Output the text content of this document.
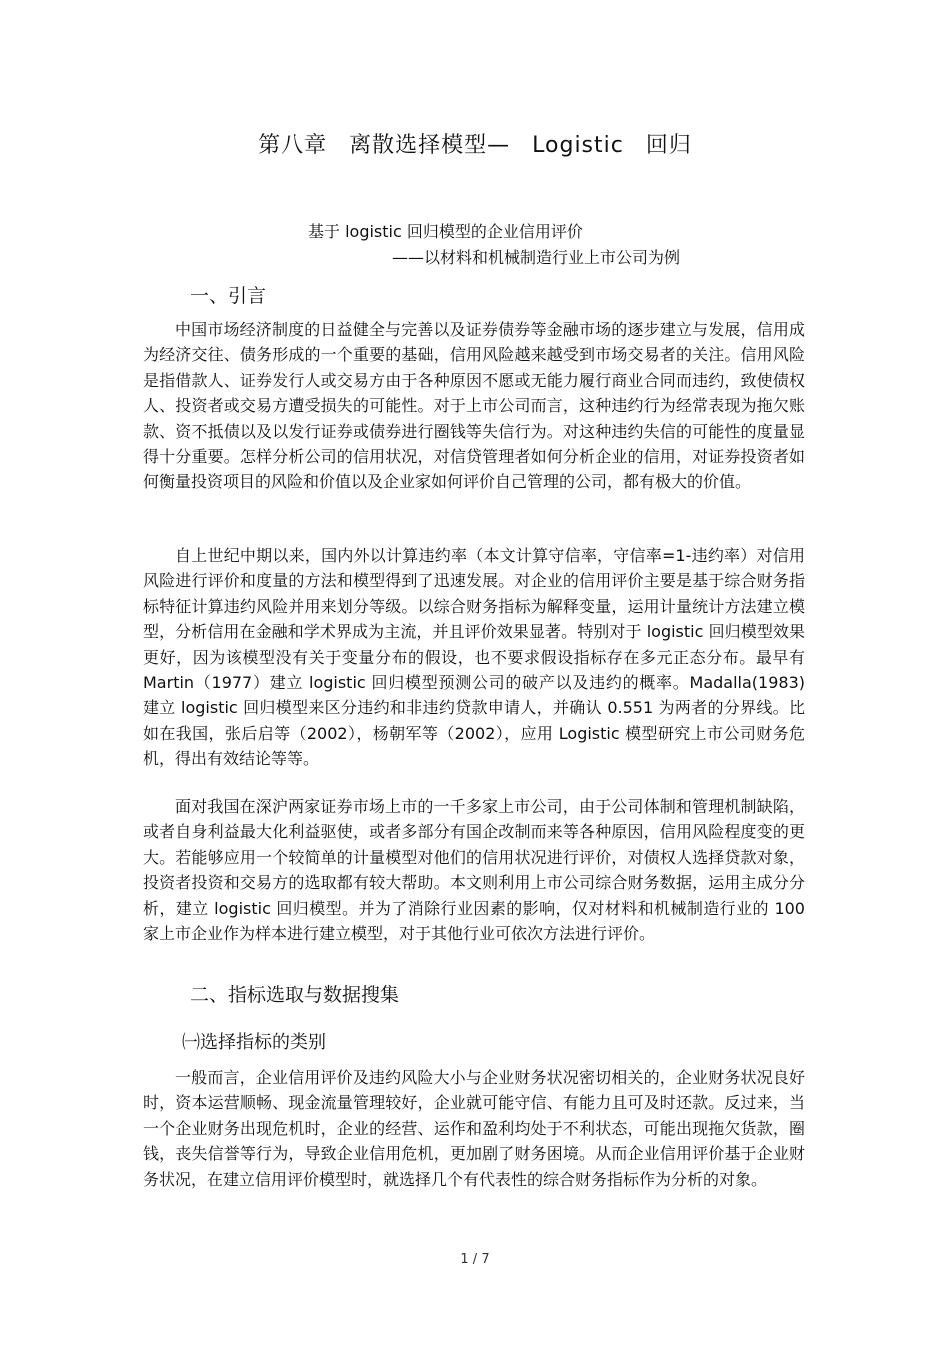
第八章 离散选择模型— Logistic 回归
基于 logistic 回归模型的企业信用评价
——以材料和机械制造行业上市公司为例
一、引言

中国市场经济制度的日益健全与完善以及证券债券等金融市场的逐步建立与发展，信用成为经济交往、债务形成的一个重要的基础，信用风险越来越受到市场交易者的关注。信用风险是指借款人、证券发行人或交易方由于各种原因不愿或无能力履行商业合同而违约，致使债权人、投资者或交易方遭受损失的可能性。对于上市公司而言，这种违约行为经常表现为拖欠账款、资不抵债以及以发行证券或债券进行圈钱等失信行为。对这种违约失信的可能性的度量显得十分重要。怎样分析公司的信用状况，对信贷管理者如何分析企业的信用，对证券投资者如何衡量投资项目的风险和价值以及企业家如何评价自己管理的公司，都有极大的价值。

自上世纪中期以来，国内外以计算违约率（本文计算守信率，守信率=1-违约率）对信用风险进行评价和度量的方法和模型得到了迅速发展。对企业的信用评价主要是基于综合财务指标特征计算违约风险并用来划分等级。以综合财务指标为解释变量，运用计量统计方法建立模型，分析信用在金融和学术界成为主流，并且评价效果显著。特别对于 logistic 回归模型效果更好，因为该模型没有关于变量分布的假设，也不要求假设指标存在多元正态分布。最早有 Martin（1977）建立 logistic 回归模型预测公司的破产以及违约的概率。Madalla(1983) 建立 logistic 回归模型来区分违约和非违约贷款申请人，并确认 0.551 为两者的分界线。比如在我国，张后启等（2002），杨朝军等（2002），应用 Logistic 模型研究上市公司财务危机，得出有效结论等等。

面对我国在深沪两家证券市场上市的一千多家上市公司，由于公司体制和管理机制缺陷，或者自身利益最大化利益驱使，或者多部分有国企改制而来等各种原因，信用风险程度变的更大。若能够应用一个较简单的计量模型对他们的信用状况进行评价，对债权人选择贷款对象，投资者投资和交易方的选取都有较大帮助。本文则利用上市公司综合财务数据，运用主成分分析，建立 logistic 回归模型。并为了消除行业因素的影响，仅对材料和机械制造行业的 100 家上市企业作为样本进行建立模型，对于其他行业可依次方法进行评价。

二、指标选取与数据搜集
㈠选择指标的类别

一般而言，企业信用评价及违约风险大小与企业财务状况密切相关的，企业财务状况良好时，资本运营顺畅、现金流量管理较好，企业就可能守信、有能力且可及时还款。反过来，当一个企业财务出现危机时，企业的经营、运作和盈利均处于不利状态，可能出现拖欠货款，圈钱，丧失信誉等行为，导致企业信用危机，更加剧了财务困境。从而企业信用评价基于企业财务状况，在建立信用评价模型时，就选择几个有代表性的综合财务指标作为分析的对象。

1 / 7
